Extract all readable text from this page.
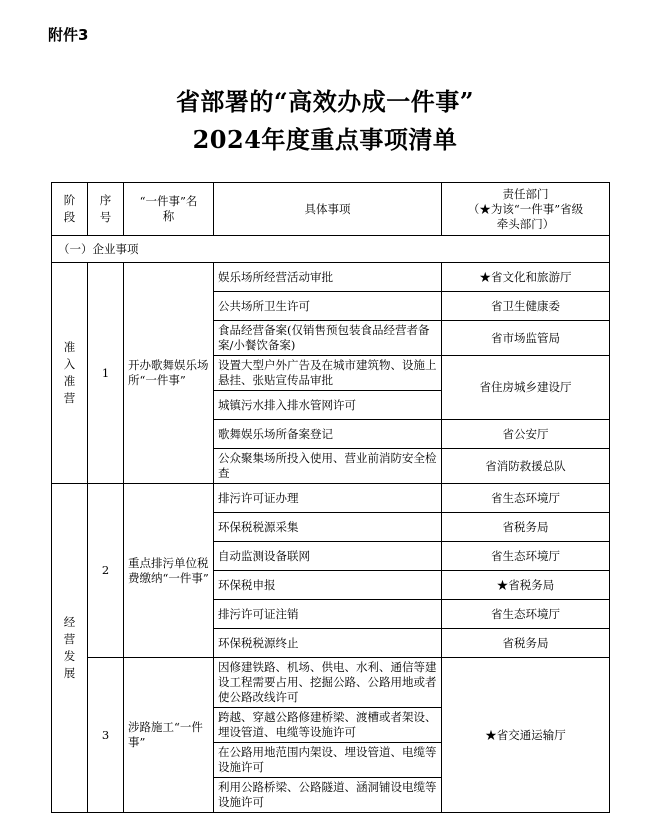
附件3
省部署的“高效办成一件事”
2024年度重点事项清单
阶段	序号	“一件事”名称	具体事项	责任部门
（★为该“一件事”省级
牵头部门）

（一）企业事项				

准入准营	1	开办歌舞娱乐场所“一件事”	娱乐场所经营活动审批	★省文化和旅游厅
			公共场所卫生许可	省卫生健康委
			食品经营备案(仅销售预包装食品经营者备案/小餐饮备案)	省市场监管局
			设置大型户外广告及在城市建筑物、设施上悬挂、张贴宣传品审批	省住房城乡建设厅
			城镇污水排入排水管网许可	
			歌舞娱乐场所备案登记	省公安厅
			公众聚集场所投入使用、营业前消防安全检查	省消防救援总队

经营发展	2	重点排污单位税费缴纳“一件事”	排污许可证办理	省生态环境厅
			环保税税源采集	省税务局
			自动监测设备联网	省生态环境厅
			环保税申报	★省税务局
			排污许可证注销	省生态环境厅
			环保税税源终止	省税务局
	3	涉路施工“一件事”	因修建铁路、机场、供电、水利、通信等建设工程需要占用、挖掘公路、公路用地或者使公路改线许可	★省交通运输厅
			跨越、穿越公路修建桥梁、渡槽或者架设、埋设管道、电缆等设施许可	
			在公路用地范围内架设、埋设管道、电缆等设施许可	
			利用公路桥梁、公路隧道、涵洞铺设电缆等设施许可	
